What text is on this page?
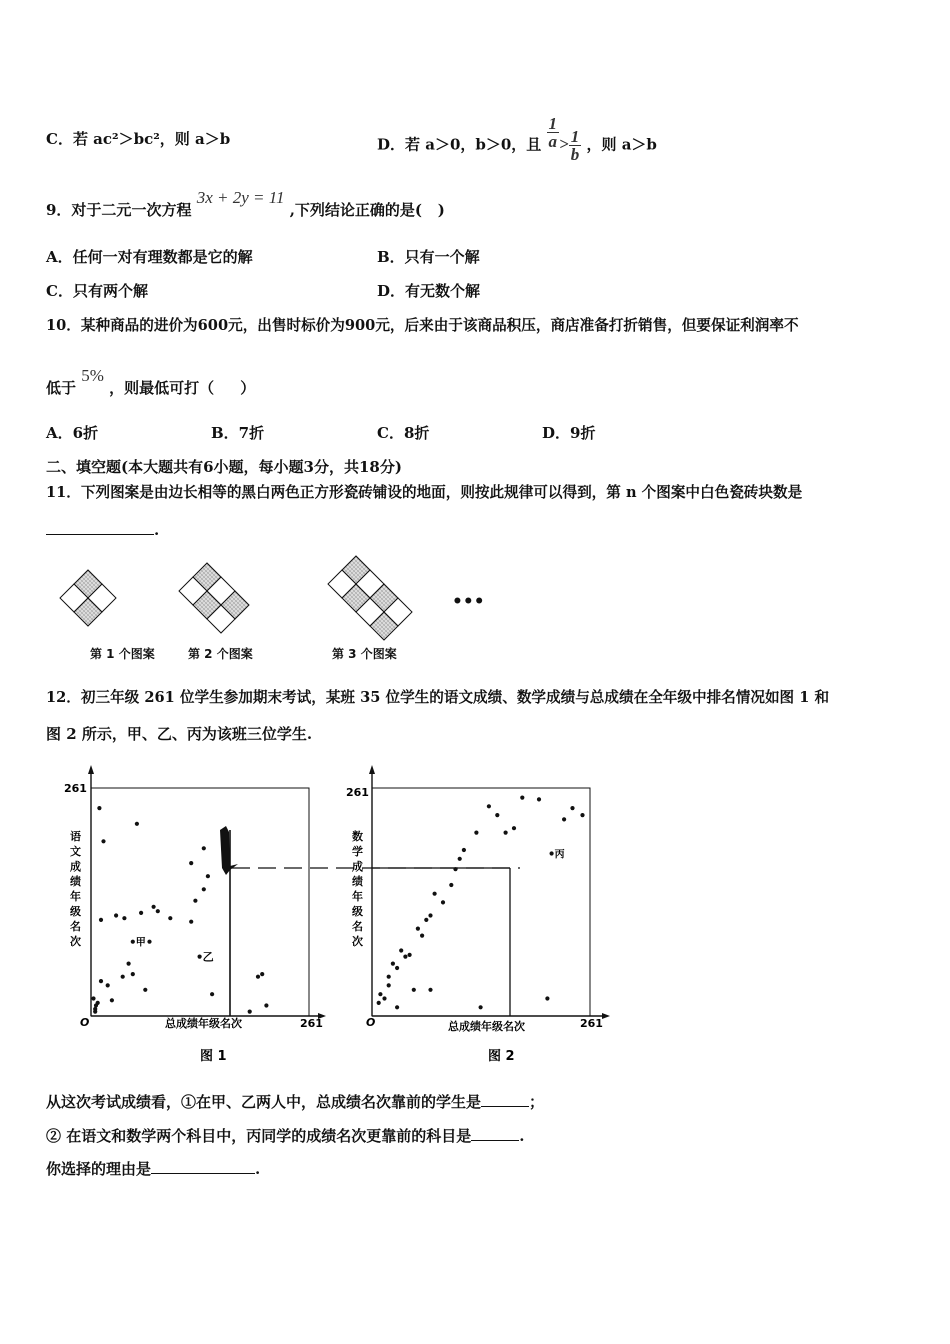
C．若 ac²＞bc²，则 a＞b	D．若 a＞0，b＞0，且 $\frac{1}{a} > \frac{1}{b}$ ，则 a＞b
9．对于二元一次方程 3x + 2y = 11 ,下列结论正确的是(   )
A．任何一对有理数都是它的解	B．只有一个解
C．只有两个解	D．有无数个解
10．某种商品的进价为600元，出售时标价为900元，后来由于该商品积压，商店准备打折销售，但要保证利润率不
低于 5% ，则最低可打（     ）
A．6折	B．7折	C．8折	D．9折
二、填空题(本大题共有6小题，每小题3分，共18分)
11．下列图案是由边长相等的黑白两色正方形瓷砖铺设的地面，则按此规律可以得到，第 n 个图案中白色瓷砖块数是
.
第 1 个图案	第 2 个图案	第 3 个图案
•••
12．初三年级 261 位学生参加期末考试，某班 35 位学生的语文成绩、数学成绩与总成绩在全年级中排名情况如图 1 和
图 2 所示，甲、乙、丙为该班三位学生.
261
261
O	总成绩年级名次
语文成绩年级名次	甲
乙
图 1
261
261
O	总成绩年级名次
数学成绩年级名次
丙
图 2
从这次考试成绩看，①在甲、乙两人中，总成绩名次靠前的学生是	；
② 在语文和数学两个科目中，丙同学的成绩名次更靠前的科目是	.
你选择的理由是	.
